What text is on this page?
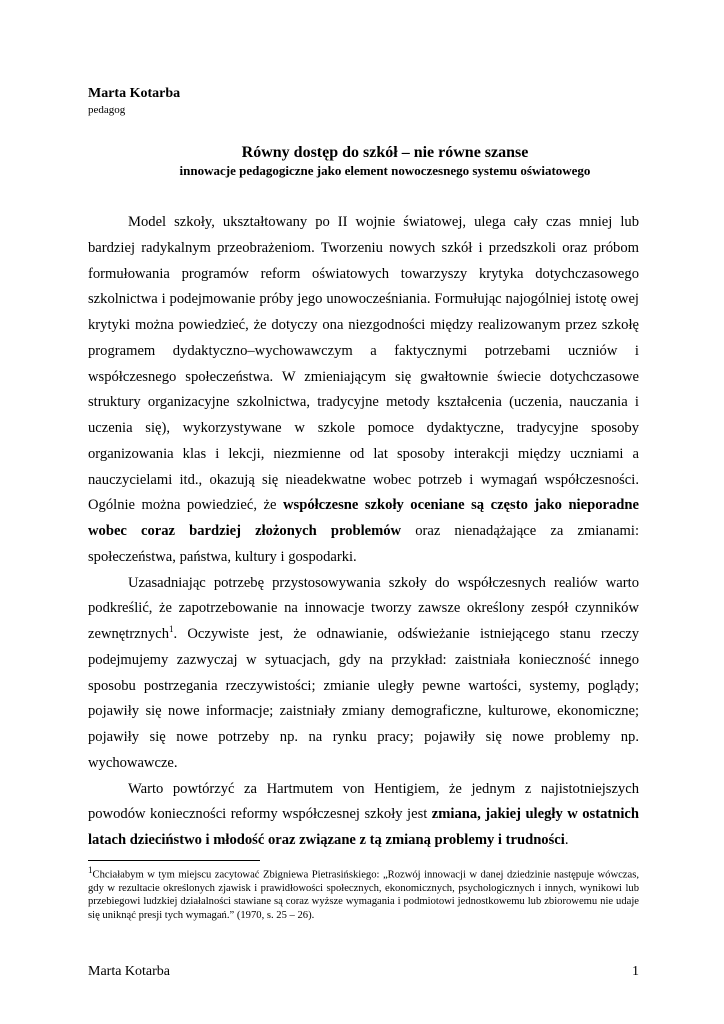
Marta Kotarba
pedagog
Równy dostęp do szkół – nie równe szanse
innowacje pedagogiczne jako element nowoczesnego systemu oświatowego

Model szkoły, ukształtowany po II wojnie światowej, ulega cały czas mniej lub bardziej radykalnym przeobrażeniom. Tworzeniu nowych szkół i przedszkoli oraz próbom formułowania programów reform oświatowych towarzyszy krytyka dotychczasowego szkolnictwa i podejmowanie próby jego unowocześniania. Formułując najogólniej istotę owej krytyki można powiedzieć, że dotyczy ona niezgodności między realizowanym przez szkołę programem dydaktyczno–wychowawczym a faktycznymi potrzebami uczniów i współczesnego społeczeństwa. W zmieniającym się gwałtownie świecie dotychczasowe struktury organizacyjne szkolnictwa, tradycyjne metody kształcenia (uczenia, nauczania i uczenia się), wykorzystywane w szkole pomoce dydaktyczne, tradycyjne sposoby organizowania klas i lekcji, niezmienne od lat sposoby interakcji między uczniami a nauczycielami itd., okazują się nieadekwatne wobec potrzeb i wymagań współczesności. Ogólnie można powiedzieć, że współczesne szkoły oceniane są często jako nieporadne wobec coraz bardziej złożonych problemów oraz nienadążające za zmianami: społeczeństwa, państwa, kultury i gospodarki.

Uzasadniając potrzebę przystosowywania szkoły do współczesnych realiów warto podkreślić, że zapotrzebowanie na innowacje tworzy zawsze określony zespół czynników zewnętrznych$^1$. Oczywiste jest, że odnawianie, odświeżanie istniejącego stanu rzeczy podejmujemy zazwyczaj w sytuacjach, gdy na przykład: zaistniała konieczność innego sposobu postrzegania rzeczywistości; zmianie uległy pewne wartości, systemy, poglądy; pojawiły się nowe informacje; zaistniały zmiany demograficzne, kulturowe, ekonomiczne; pojawiły się nowe potrzeby np. na rynku pracy; pojawiły się nowe problemy np. wychowawcze.

Warto powtórzyć za Hartmutem von Hentigiem, że jednym z najistotniejszych powodów konieczności reformy współczesnej szkoły jest zmiana, jakiej uległy w ostatnich latach dzieciństwo i młodość oraz związane z tą zmianą problemy i trudności.

$^1$Chciałabym w tym miejscu zacytować Zbigniewa Pietrasińskiego: „Rozwój innowacji w danej dziedzinie następuje wówczas, gdy w rezultacie określonych zjawisk i prawidłowości społecznych, ekonomicznych, psychologicznych i innych, wynikowi lub przebiegowi ludzkiej działalności stawiane są coraz wyższe wymagania i podmiotowi jednostkowemu lub zbiorowemu nie udaje się uniknąć presji tych wymagań.” (1970, s. 25 – 26).
Marta Kotarba	1
